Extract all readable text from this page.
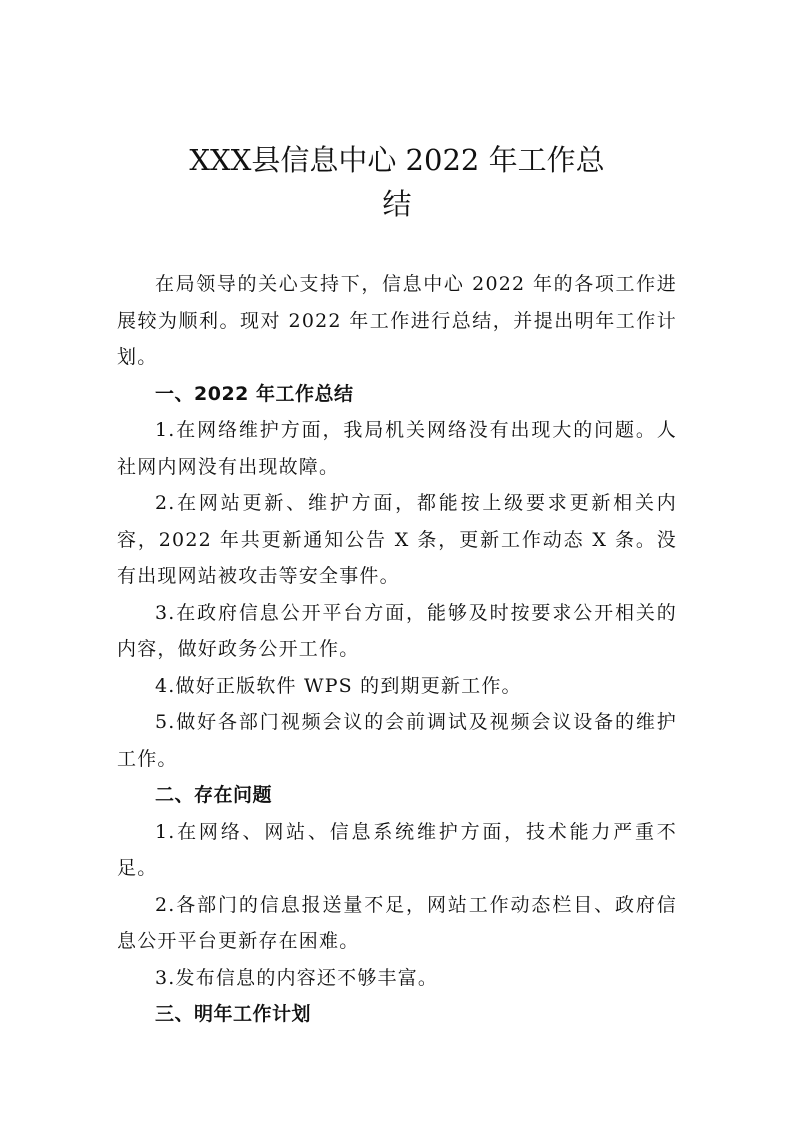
XXX县信息中心 2022 年工作总
结

在局领导的关心支持下，信息中心 2022 年的各项工作进展较为顺利。现对 2022 年工作进行总结，并提出明年工作计划。

一、2022 年工作总结

1.在网络维护方面，我局机关网络没有出现大的问题。人社网内网没有出现故障。

2.在网站更新、维护方面，都能按上级要求更新相关内容，2022 年共更新通知公告 X 条，更新工作动态 X 条。没有出现网站被攻击等安全事件。

3.在政府信息公开平台方面，能够及时按要求公开相关的内容，做好政务公开工作。

4.做好正版软件 WPS 的到期更新工作。

5.做好各部门视频会议的会前调试及视频会议设备的维护工作。

二、存在问题

1.在网络、网站、信息系统维护方面，技术能力严重不足。

2.各部门的信息报送量不足，网站工作动态栏目、政府信息公开平台更新存在困难。

3.发布信息的内容还不够丰富。

三、明年工作计划
